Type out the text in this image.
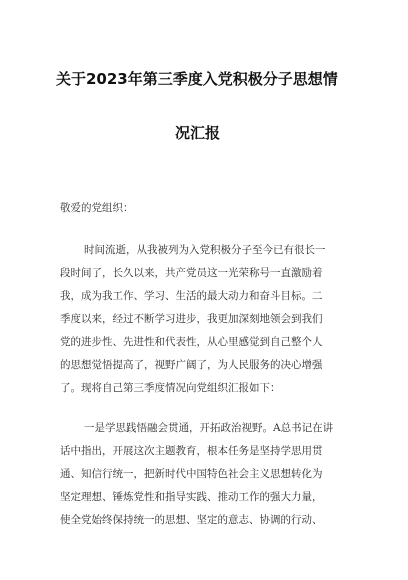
关于2023年第三季度入党积极分子思想情
况汇报
敬爱的党组织：
时间流逝，从我被列为入党积极分子至今已有很长一
段时间了，长久以来，共产党员这一光荣称号一直激励着
我，成为我工作、学习、生活的最大动力和奋斗目标。二
季度以来，经过不断学习进步，我更加深刻地领会到我们
党的进步性、先进性和代表性，从心里感觉到自己整个人
的思想觉悟提高了，视野广阔了，为人民服务的决心增强
了。现将自己第三季度情况向党组织汇报如下：
一是学思践悟融会贯通，开拓政治视野。A总书记在讲
话中指出，开展这次主题教育，根本任务是坚持学思用贯
通、知信行统一，把新时代中国特色社会主义思想转化为
坚定理想、锤炼党性和指导实践、推动工作的强大力量，
使全党始终保持统一的思想、坚定的意志、协调的行动、
